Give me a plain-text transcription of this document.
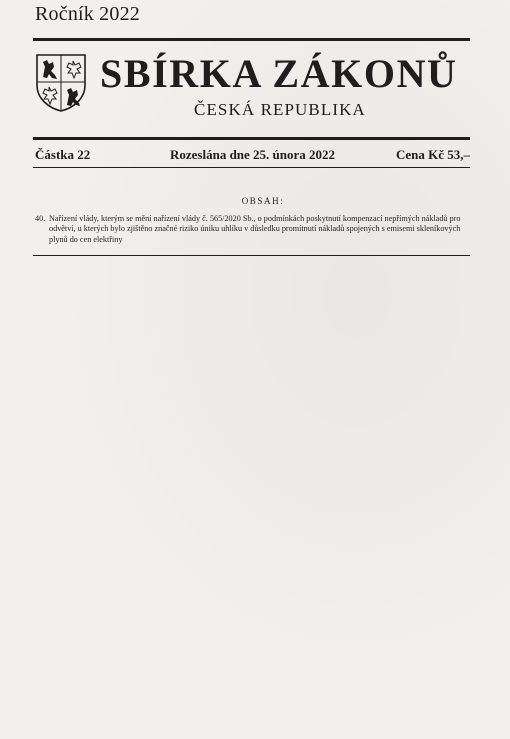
Ročník 2022
SBÍRKA ZÁKONŮ
ČESKÁ REPUBLIKA
Částka 22	Rozeslána dne 25. února 2022	Cena Kč 53,–
OBSAH:
40. Nařízení vlády, kterým se mění nařízení vlády č. 565/2020 Sb., o podmínkách poskytnutí kompenzací nepřímých nákladů pro odvětví, u kterých bylo zjištěno značné riziko úniku uhlíku v důsledku promítnutí nákladů spojených s emisemi skleníkových plynů do cen elektřiny
